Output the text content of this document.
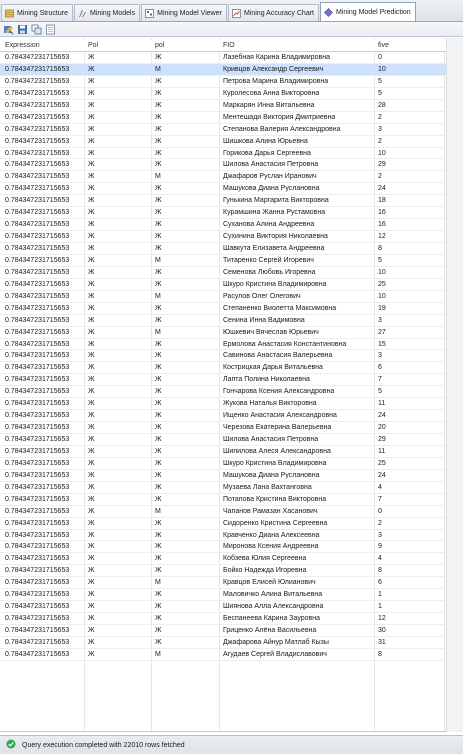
Mining Structure	Mining Models	Mining Model Viewer	Mining Accuracy Chart	Mining Model Prediction
Expression	Pol	pol	FIO	five
0.784347231715653	Ж	Ж	Лазебная Карина Владимировна	0
0.784347231715653	Ж	М	Кривцов Александр Сергеевич	10
0.784347231715653	Ж	Ж	Петрова Марина Владимировна	5
0.784347231715653	Ж	Ж	Куролесова Анна Викторовна	5
0.784347231715653	Ж	Ж	Маркарян Инна Витальевна	28
0.784347231715653	Ж	Ж	Ментешади Виктория Дмитриевна	2
0.784347231715653	Ж	Ж	Степанова Валерия Александровна	3
0.784347231715653	Ж	Ж	Шишкова Алина Юрьевна	2
0.784347231715653	Ж	Ж	Горикова Дарья Сергеевна	10
0.784347231715653	Ж	Ж	Шилова Анастасия Петровна	29
0.784347231715653	Ж	М	Джафаров Руслан Иранович	2
0.784347231715653	Ж	Ж	Машукова Диана Руслановна	24
0.784347231715653	Ж	Ж	Гунькина Маргарита Викторовна	18
0.784347231715653	Ж	Ж	Курамшина Жанна Рустамовна	16
0.784347231715653	Ж	Ж	Суханова Алина Андреевна	16
0.784347231715653	Ж	Ж	Сухинина Виктория Николаевна	12
0.784347231715653	Ж	Ж	Шавкута Елизавета Андреевна	8
0.784347231715653	Ж	М	Титаренко Сергей Игоревич	5
0.784347231715653	Ж	Ж	Семенова Любовь Игоревна	10
0.784347231715653	Ж	Ж	Шкуро Кристина Владимировна	25
0.784347231715653	Ж	М	Расулов Олег Олегович	10
0.784347231715653	Ж	Ж	Степаненко Виолетта Максимовна	19
0.784347231715653	Ж	Ж	Сенина Инна Вадимовна	3
0.784347231715653	Ж	М	Юшкевич Вячеслав Юрьевич	27
0.784347231715653	Ж	Ж	Ермолова Анастасия Константиновна	15
0.784347231715653	Ж	Ж	Савинова Анастасия Валерьевна	3
0.784347231715653	Ж	Ж	Кострицкая Дарья Витальевна	6
0.784347231715653	Ж	Ж	Лапта Полина Николаевна	7
0.784347231715653	Ж	Ж	Гончарова Ксения Александровна	5
0.784347231715653	Ж	Ж	Жукова Наталья Викторовна	11
0.784347231715653	Ж	Ж	Ищенко Анастасия Александровна	24
0.784347231715653	Ж	Ж	Черезова Екатерина Валерьевна	20
0.784347231715653	Ж	Ж	Шилова Анастасия Петровна	29
0.784347231715653	Ж	Ж	Шипилова Алеся Александровна	11
0.784347231715653	Ж	Ж	Шкуро Кристина Владимировна	25
0.784347231715653	Ж	Ж	Машукова Диана Руслановна	24
0.784347231715653	Ж	Ж	Музаева Лана Вахтанговна	4
0.784347231715653	Ж	Ж	Потапова Кристина Викторовна	7
0.784347231715653	Ж	М	Чапанов Рамазан Хасанович	0
0.784347231715653	Ж	Ж	Сидоренко Кристина Сергеевна	2
0.784347231715653	Ж	Ж	Кравченко Диана Алексеевна	3
0.784347231715653	Ж	Ж	Миронова Ксения Андреевна	9
0.784347231715653	Ж	Ж	Кобзева Юлия Сергеевна	4
0.784347231715653	Ж	Ж	Бойко Надежда Игоревна	8
0.784347231715653	Ж	М	Кравцов Елисей Юлианович	6
0.784347231715653	Ж	Ж	Маловичко Алина Витальевна	1
0.784347231715653	Ж	Ж	Шиянова Алла Александровна	1
0.784347231715653	Ж	Ж	Беспанеева Карина Зауровна	12
0.784347231715653	Ж	Ж	Гриценко Алёна Васильевна	30
0.784347231715653	Ж	Ж	Джафарова Айнур Матлаб Кызы	31
0.784347231715653	Ж	М	Агудаев Сергей Владиславович	8
Query execution completed with 22010 rows fetched
